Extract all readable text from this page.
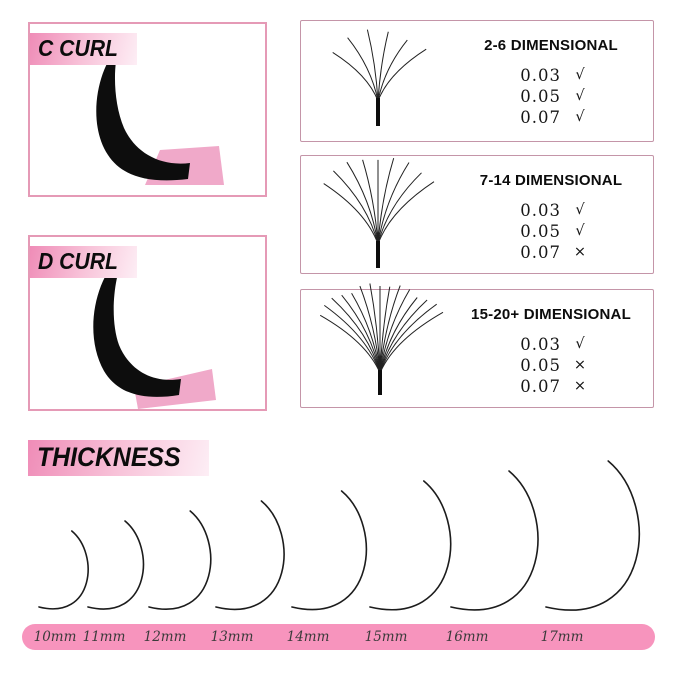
C CURL
D CURL
2-6 DIMENSIONAL
0.03 √
0.05 √
0.07 √
7-14 DIMENSIONAL
0.03 √
0.05 √
0.07 ×
15-20+ DIMENSIONAL
0.03 √
0.05 ×
0.07 ×
THICKNESS
10mm 11mm 12mm 13mm 14mm	15mm	16mm	17mm
